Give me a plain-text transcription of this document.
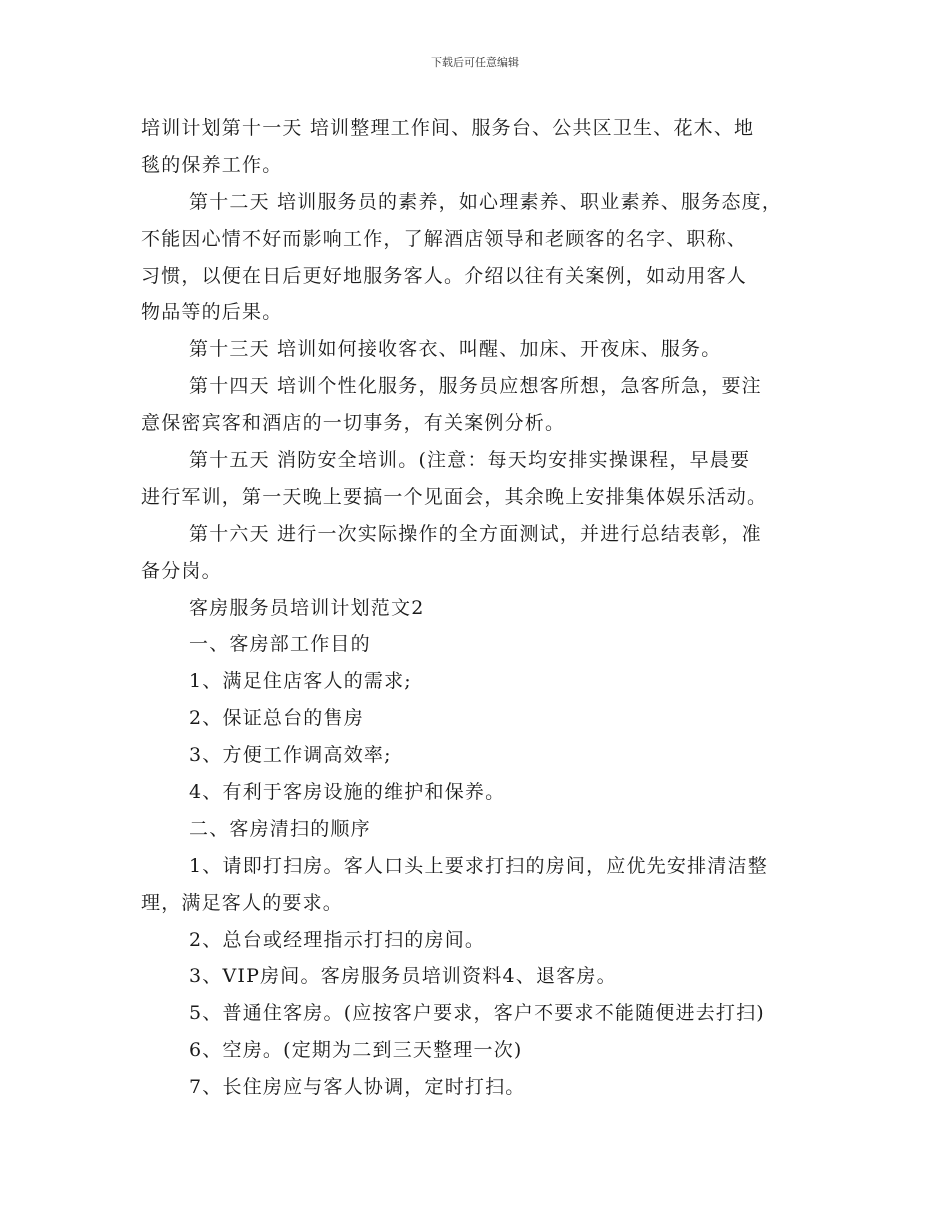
下载后可任意编辑
培训计划第十一天 培训整理工作间、服务台、公共区卫生、花木、地
毯的保养工作。
第十二天 培训服务员的素养，如心理素养、职业素养、服务态度，
不能因心情不好而影响工作，了解酒店领导和老顾客的名字、职称、
习惯，以便在日后更好地服务客人。介绍以往有关案例，如动用客人
物品等的后果。
第十三天 培训如何接收客衣、叫醒、加床、开夜床、服务。
第十四天 培训个性化服务，服务员应想客所想，急客所急，要注
意保密宾客和酒店的一切事务，有关案例分析。
第十五天 消防安全培训。(注意：每天均安排实操课程，早晨要
进行军训，第一天晚上要搞一个见面会，其余晚上安排集体娱乐活动。
第十六天 进行一次实际操作的全方面测试，并进行总结表彰，准
备分岗。
客房服务员培训计划范文2
一、客房部工作目的
1、满足住店客人的需求;
2、保证总台的售房
3、方便工作调高效率;
4、有利于客房设施的维护和保养。
二、客房清扫的顺序
1、请即打扫房。客人口头上要求打扫的房间，应优先安排清洁整
理，满足客人的要求。
2、总台或经理指示打扫的房间。
3、VIP房间。客房服务员培训资料4、退客房。
5、普通住客房。(应按客户要求，客户不要求不能随便进去打扫)
6、空房。(定期为二到三天整理一次)
7、长住房应与客人协调，定时打扫。
